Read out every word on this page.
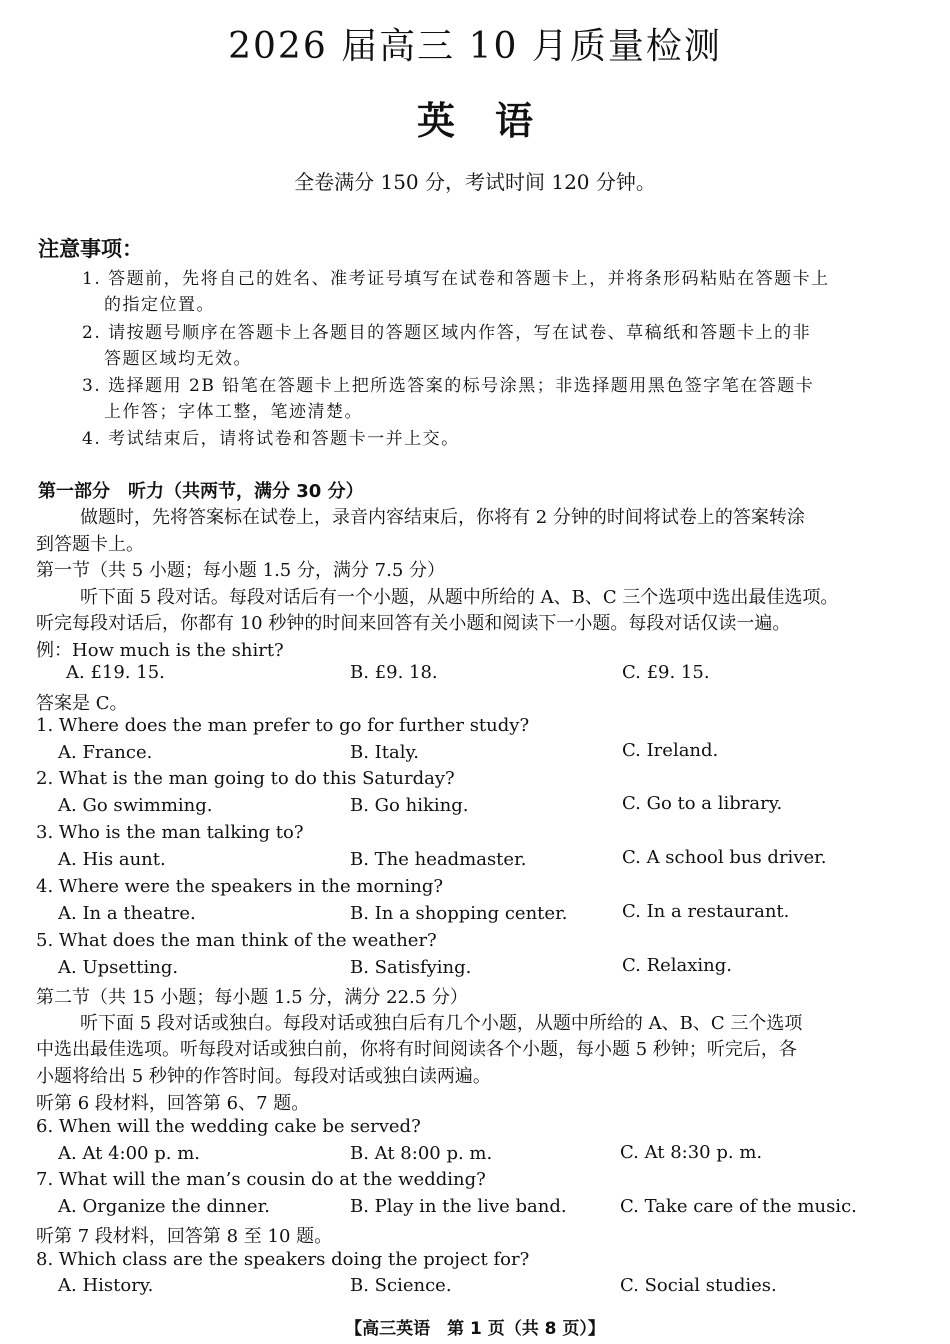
2026 届高三 10 月质量检测
英语
全卷满分 150 分，考试时间 120 分钟。
注意事项：
1. 答题前，先将自己的姓名、准考证号填写在试卷和答题卡上，并将条形码粘贴在答题卡上
的指定位置。
2. 请按题号顺序在答题卡上各题目的答题区域内作答，写在试卷、草稿纸和答题卡上的非
答题区域均无效。
3. 选择题用 2B 铅笔在答题卡上把所选答案的标号涂黑；非选择题用黑色签字笔在答题卡
上作答；字体工整，笔迹清楚。
4. 考试结束后，请将试卷和答题卡一并上交。
第一部分　听力（共两节，满分 30 分）
做题时，先将答案标在试卷上，录音内容结束后，你将有 2 分钟的时间将试卷上的答案转涂
到答题卡上。
第一节（共 5 小题；每小题 1.5 分，满分 7.5 分）
听下面 5 段对话。每段对话后有一个小题，从题中所给的 A、B、C 三个选项中选出最佳选项。
听完每段对话后，你都有 10 秒钟的时间来回答有关小题和阅读下一小题。每段对话仅读一遍。
例：How much is the shirt?
A. £19. 15.	B. £9. 18.	C. £9. 15.
答案是 C。
1. Where does the man prefer to go for further study?
A. France.	B. Italy.	C. Ireland.
2. What is the man going to do this Saturday?
A. Go swimming.	B. Go hiking.	C. Go to a library.
3. Who is the man talking to?
A. His aunt.	B. The headmaster.	C. A school bus driver.
4. Where were the speakers in the morning?
A. In a theatre.	B. In a shopping center.	C. In a restaurant.
5. What does the man think of the weather?
A. Upsetting.	B. Satisfying.	C. Relaxing.
第二节（共 15 小题；每小题 1.5 分，满分 22.5 分）
听下面 5 段对话或独白。每段对话或独白后有几个小题，从题中所给的 A、B、C 三个选项
中选出最佳选项。听每段对话或独白前，你将有时间阅读各个小题，每小题 5 秒钟；听完后，各
小题将给出 5 秒钟的作答时间。每段对话或独白读两遍。
听第 6 段材料，回答第 6、7 题。
6. When will the wedding cake be served?
A. At 4:00 p. m.	B. At 8:00 p. m.	C. At 8:30 p. m.
7. What will the man’s cousin do at the wedding?
A. Organize the dinner.	B. Play in the live band.	C. Take care of the music.
听第 7 段材料，回答第 8 至 10 题。
8. Which class are the speakers doing the project for?
A. History.	B. Science.	C. Social studies.
【高三英语　第 1 页（共 8 页）】
